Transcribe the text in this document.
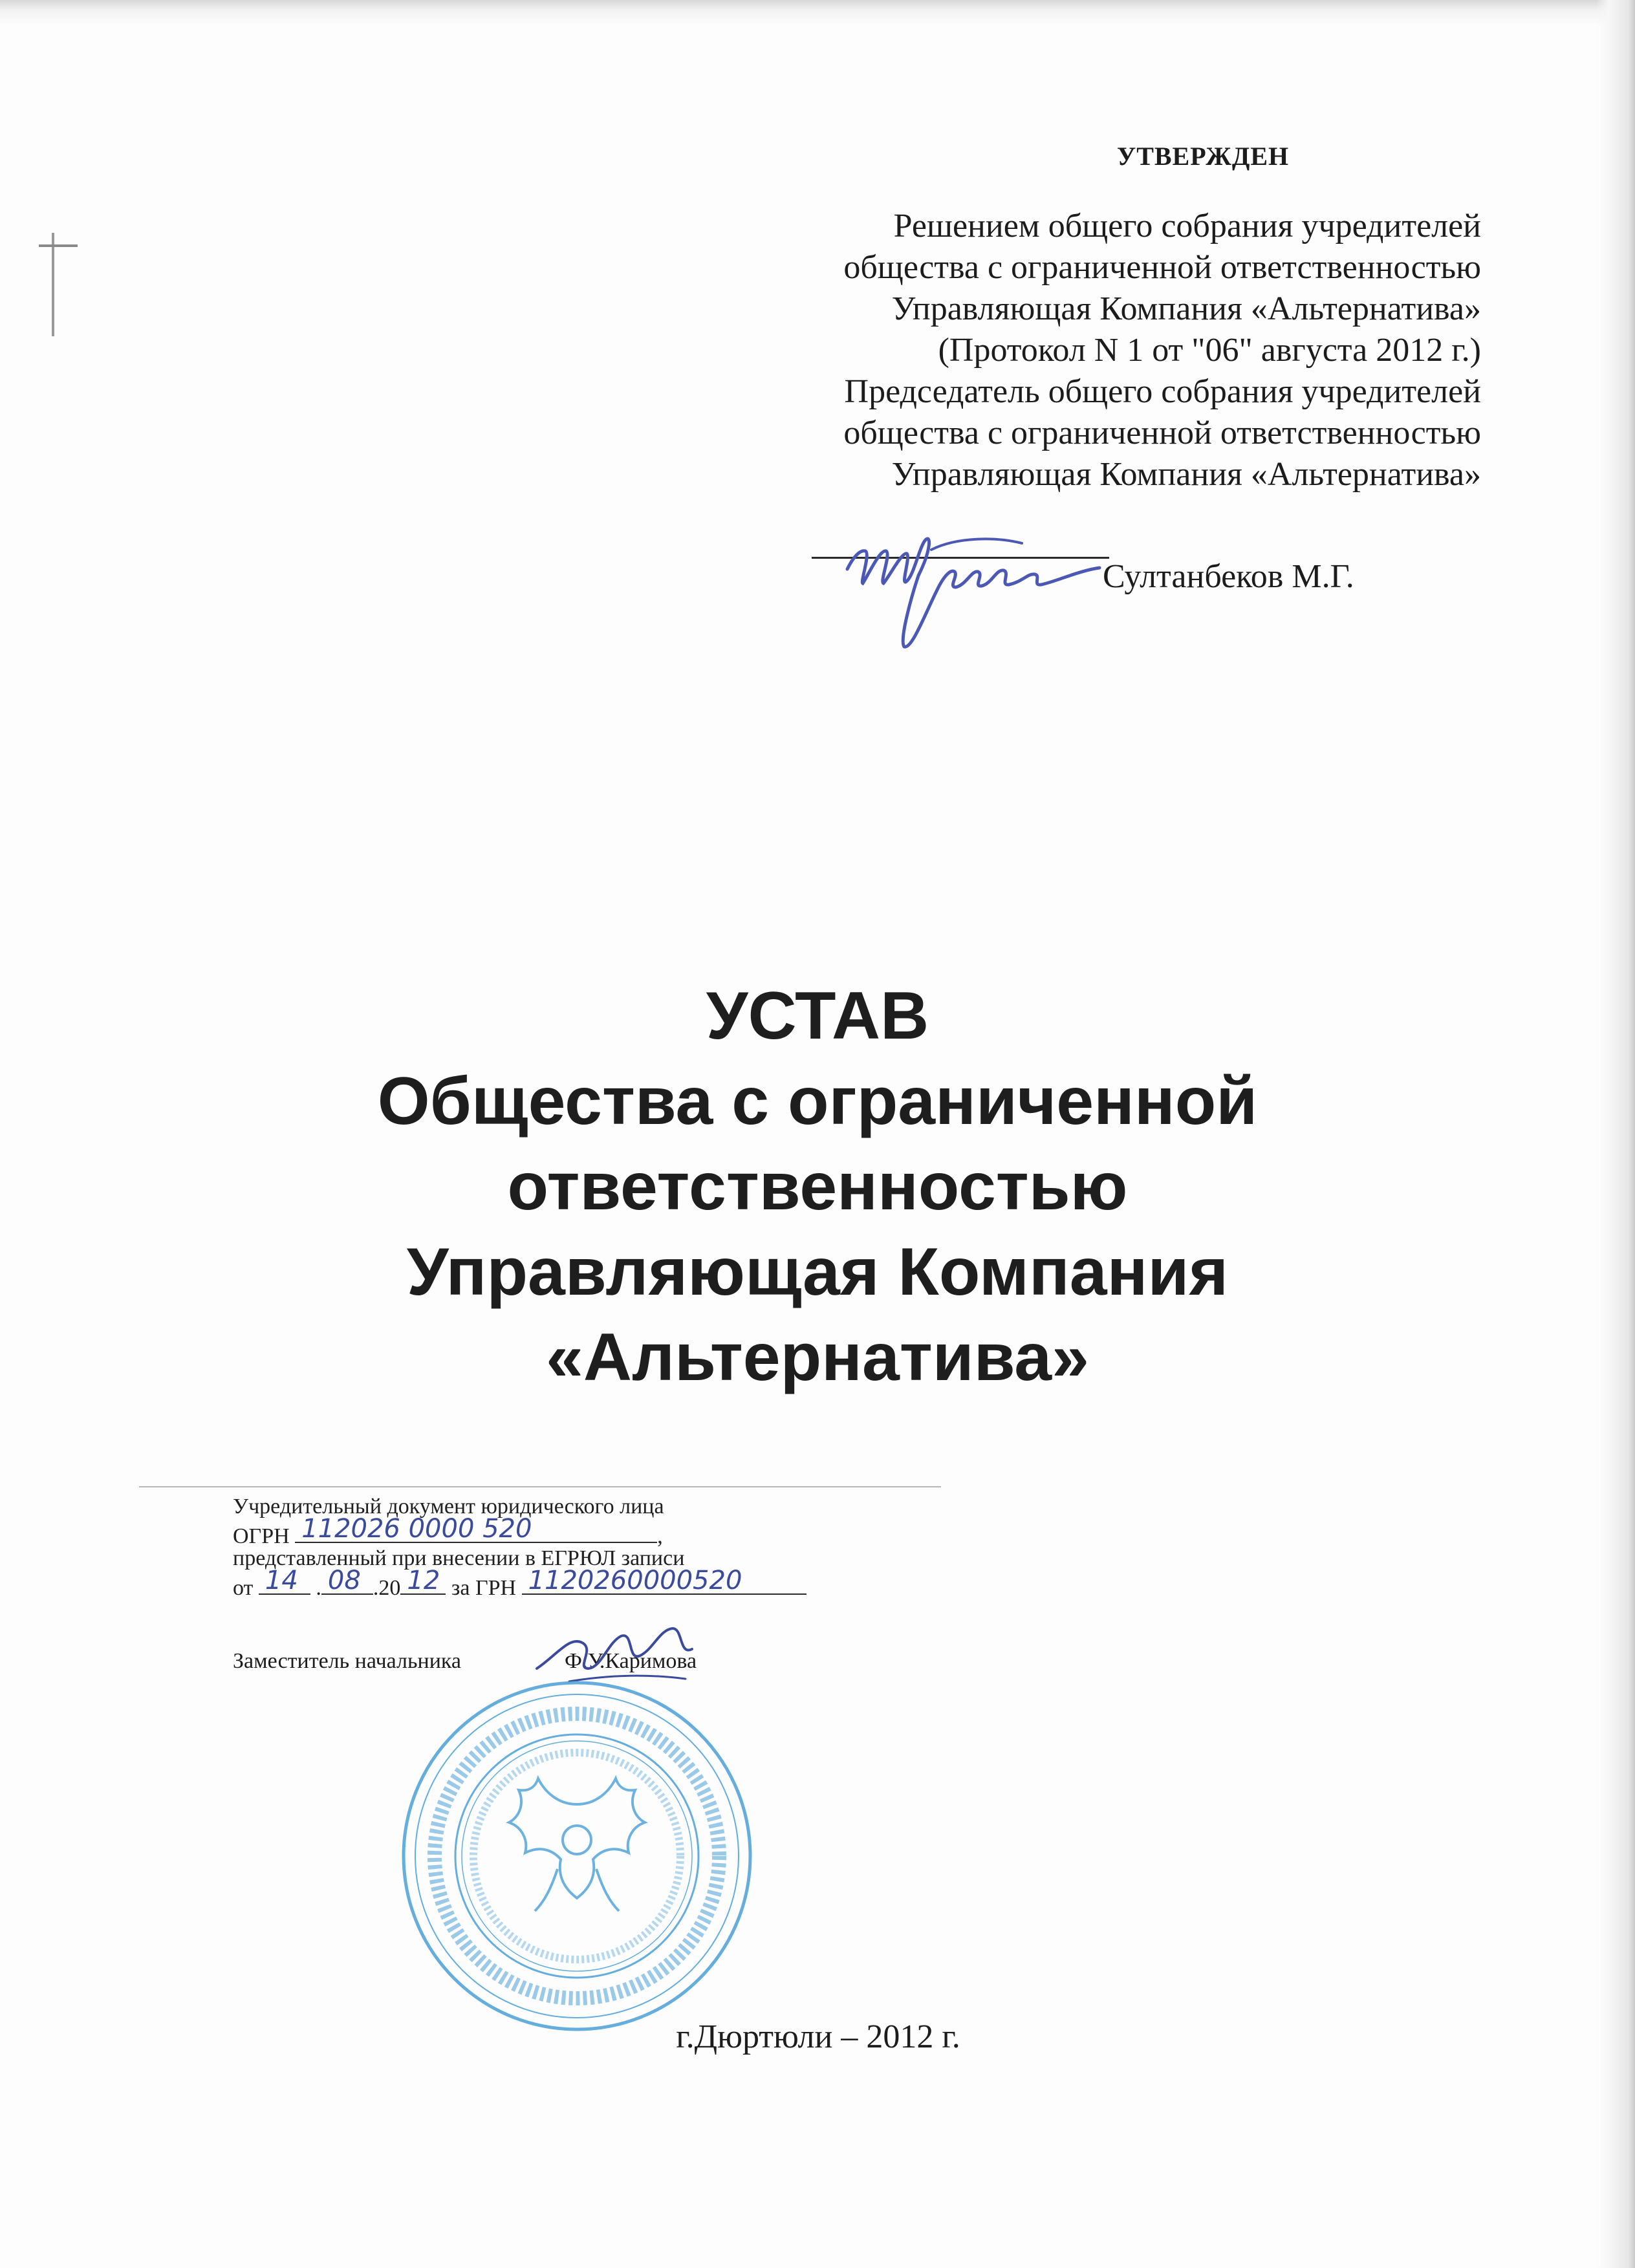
УТВЕРЖДЕН
Решением общего собрания учредителей
общества с ограниченной ответственностью
Управляющая Компания «Альтернатива»
(Протокол N 1 от "06" августа 2012 г.)
Председатель общего собрания учредителей
общества с ограниченной ответственностью
Управляющая Компания «Альтернатива»
Султанбеков М.Г.
УСТАВ
Общества с ограниченной
ответственностью
Управляющая Компания
«Альтернатива»
Учредительный документ юридического лица
ОГРН 112026 0000 520	,
представленный при внесении в ЕГРЮЛ записи
от 14 . 08 .20 12 за ГРН 1120260000520
Заместитель начальника	Ф.У.Каримова
г.Дюртюли – 2012 г.
